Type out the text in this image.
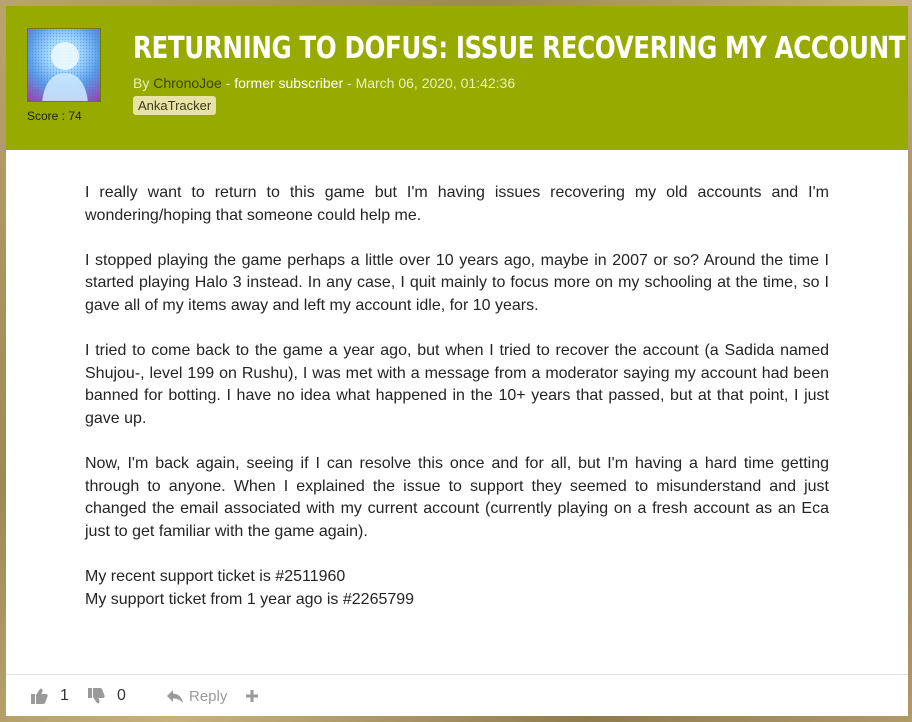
Score : 74
RETURNING TO DOFUS: ISSUE RECOVERING MY ACCOUNT
By ChronoJoe - former subscriber - March 06, 2020, 01:42:36
AnkaTracker

I really want to return to this game but I'm having issues recovering my old accounts and I'm wondering/hoping that someone could help me.

I stopped playing the game perhaps a little over 10 years ago, maybe in 2007 or so? Around the time I started playing Halo 3 instead. In any case, I quit mainly to focus more on my schooling at the time, so I gave all of my items away and left my account idle, for 10 years.

I tried to come back to the game a year ago, but when I tried to recover the account (a Sadida named Shujou-, level 199 on Rushu), I was met with a message from a moderator saying my account had been banned for botting. I have no idea what happened in the 10+ years that passed, but at that point, I just gave up.

Now, I'm back again, seeing if I can resolve this once and for all, but I'm having a hard time getting through to anyone. When I explained the issue to support they seemed to misunderstand and just changed the email associated with my current account (currently playing on a fresh account as an Eca just to get familiar with the game again).

My recent support ticket is #2511960

My support ticket from 1 year ago is #2265799

1	0	Reply
